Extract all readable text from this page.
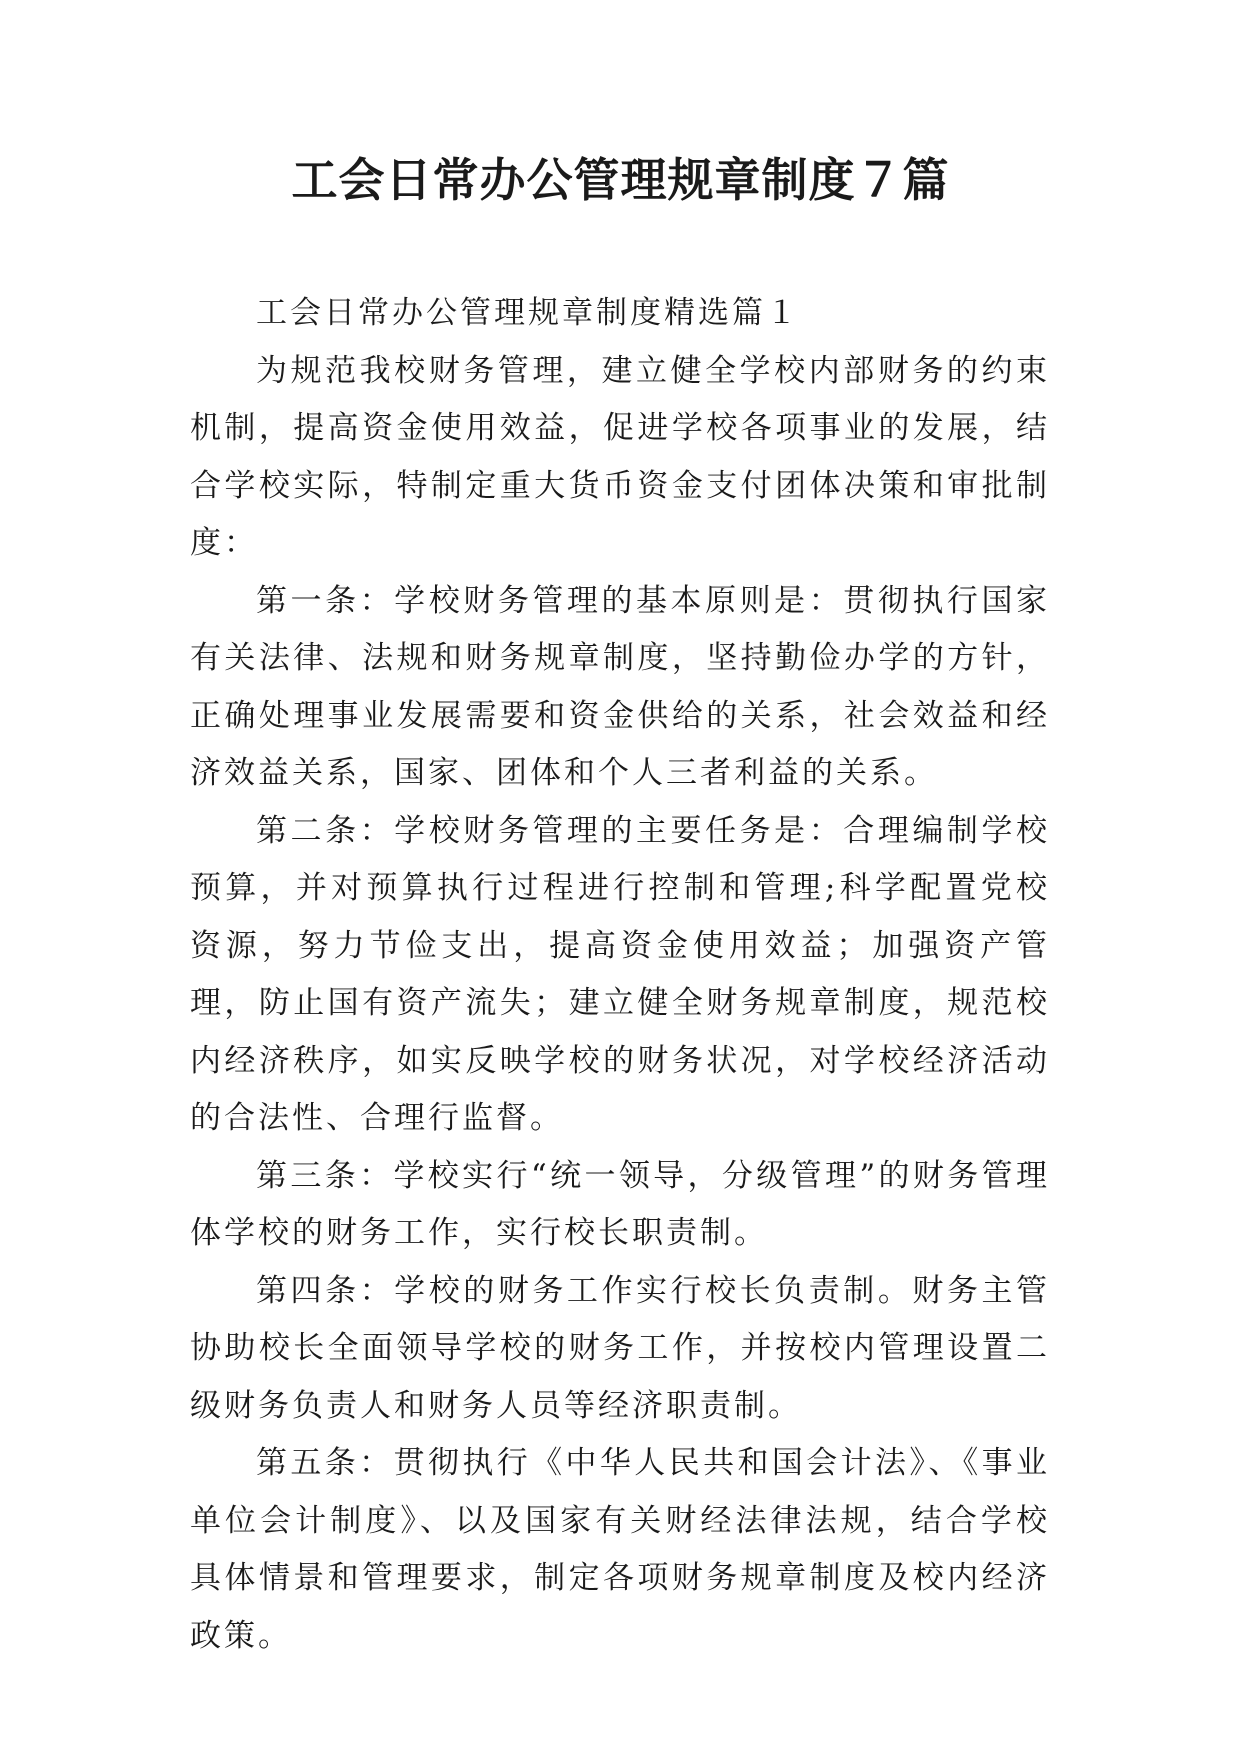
工会日常办公管理规章制度７篇

工会日常办公管理规章制度精选篇１

为规范我校财务管理，建立健全学校内部财务的约束机制，提高资金使用效益，促进学校各项事业的发展，结合学校实际，特制定重大货币资金支付团体决策和审批制度：

第一条：学校财务管理的基本原则是：贯彻执行国家有关法律、法规和财务规章制度，坚持勤俭办学的方针，正确处理事业发展需要和资金供给的关系，社会效益和经济效益关系，国家、团体和个人三者利益的关系。

第二条：学校财务管理的主要任务是：合理编制学校预算，并对预算执行过程进行控制和管理;科学配置党校资源，努力节俭支出，提高资金使用效益；加强资产管理，防止国有资产流失；建立健全财务规章制度，规范校内经济秩序，如实反映学校的财务状况，对学校经济活动的合法性、合理行监督。

第三条：学校实行“统一领导，分级管理”的财务管理体学校的财务工作，实行校长职责制。

第四条：学校的财务工作实行校长负责制。财务主管协助校长全面领导学校的财务工作，并按校内管理设置二级财务负责人和财务人员等经济职责制。

第五条：贯彻执行《中华人民共和国会计法》、《事业单位会计制度》、以及国家有关财经法律法规，结合学校具体情景和管理要求，制定各项财务规章制度及校内经济政策。
